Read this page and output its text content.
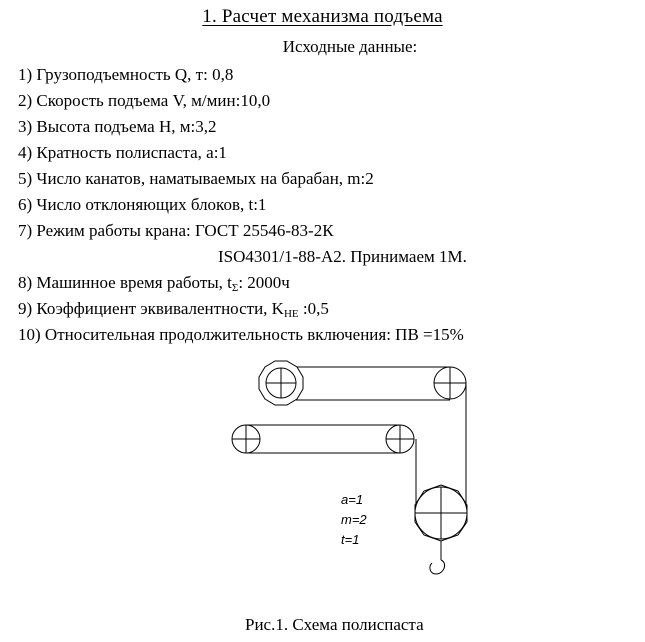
1. Расчет механизма подъема
Исходные данные:
1) Грузоподъемность Q, т: 0,8
2) Скорость подъема V, м/мин:10,0
3) Высота подъема H, м:3,2
4) Кратность полиспаста, a:1
5) Число канатов, наматываемых на барабан, m:2
6) Число отклоняющих блоков, t:1
7) Режим работы крана: ГОСТ 25546-83-2К
ISO4301/1-88-A2. Принимаем 1М.
8) Машинное время работы, $t_\Sigma$: 2000ч
9) Коэффициент эквивалентности, $K_{HE}$ :0,5
10) Относительная продолжительность включения: ПВ =15%
a=1
m=2
t=1
Рис.1. Схема полиспаста
